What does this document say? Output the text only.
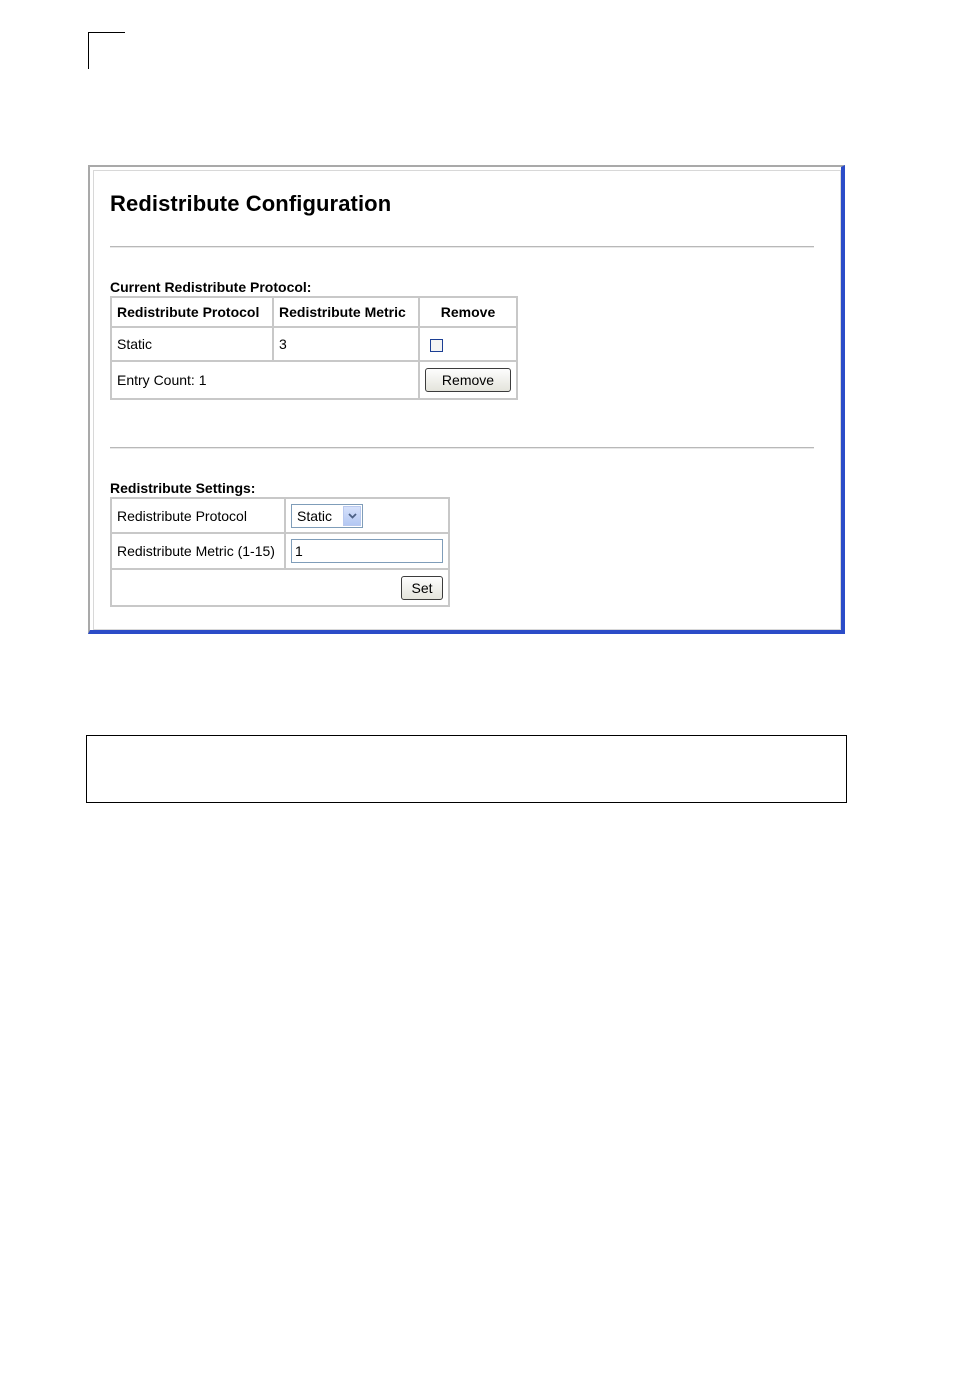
Redistribute Configuration
Current Redistribute Protocol:
Redistribute Protocol	Redistribute Metric	Remove
Static	3	
Entry Count: 1		Remove
Redistribute Settings:
Redistribute Protocol	Static

Redistribute Metric (1-15)	1

Set	
